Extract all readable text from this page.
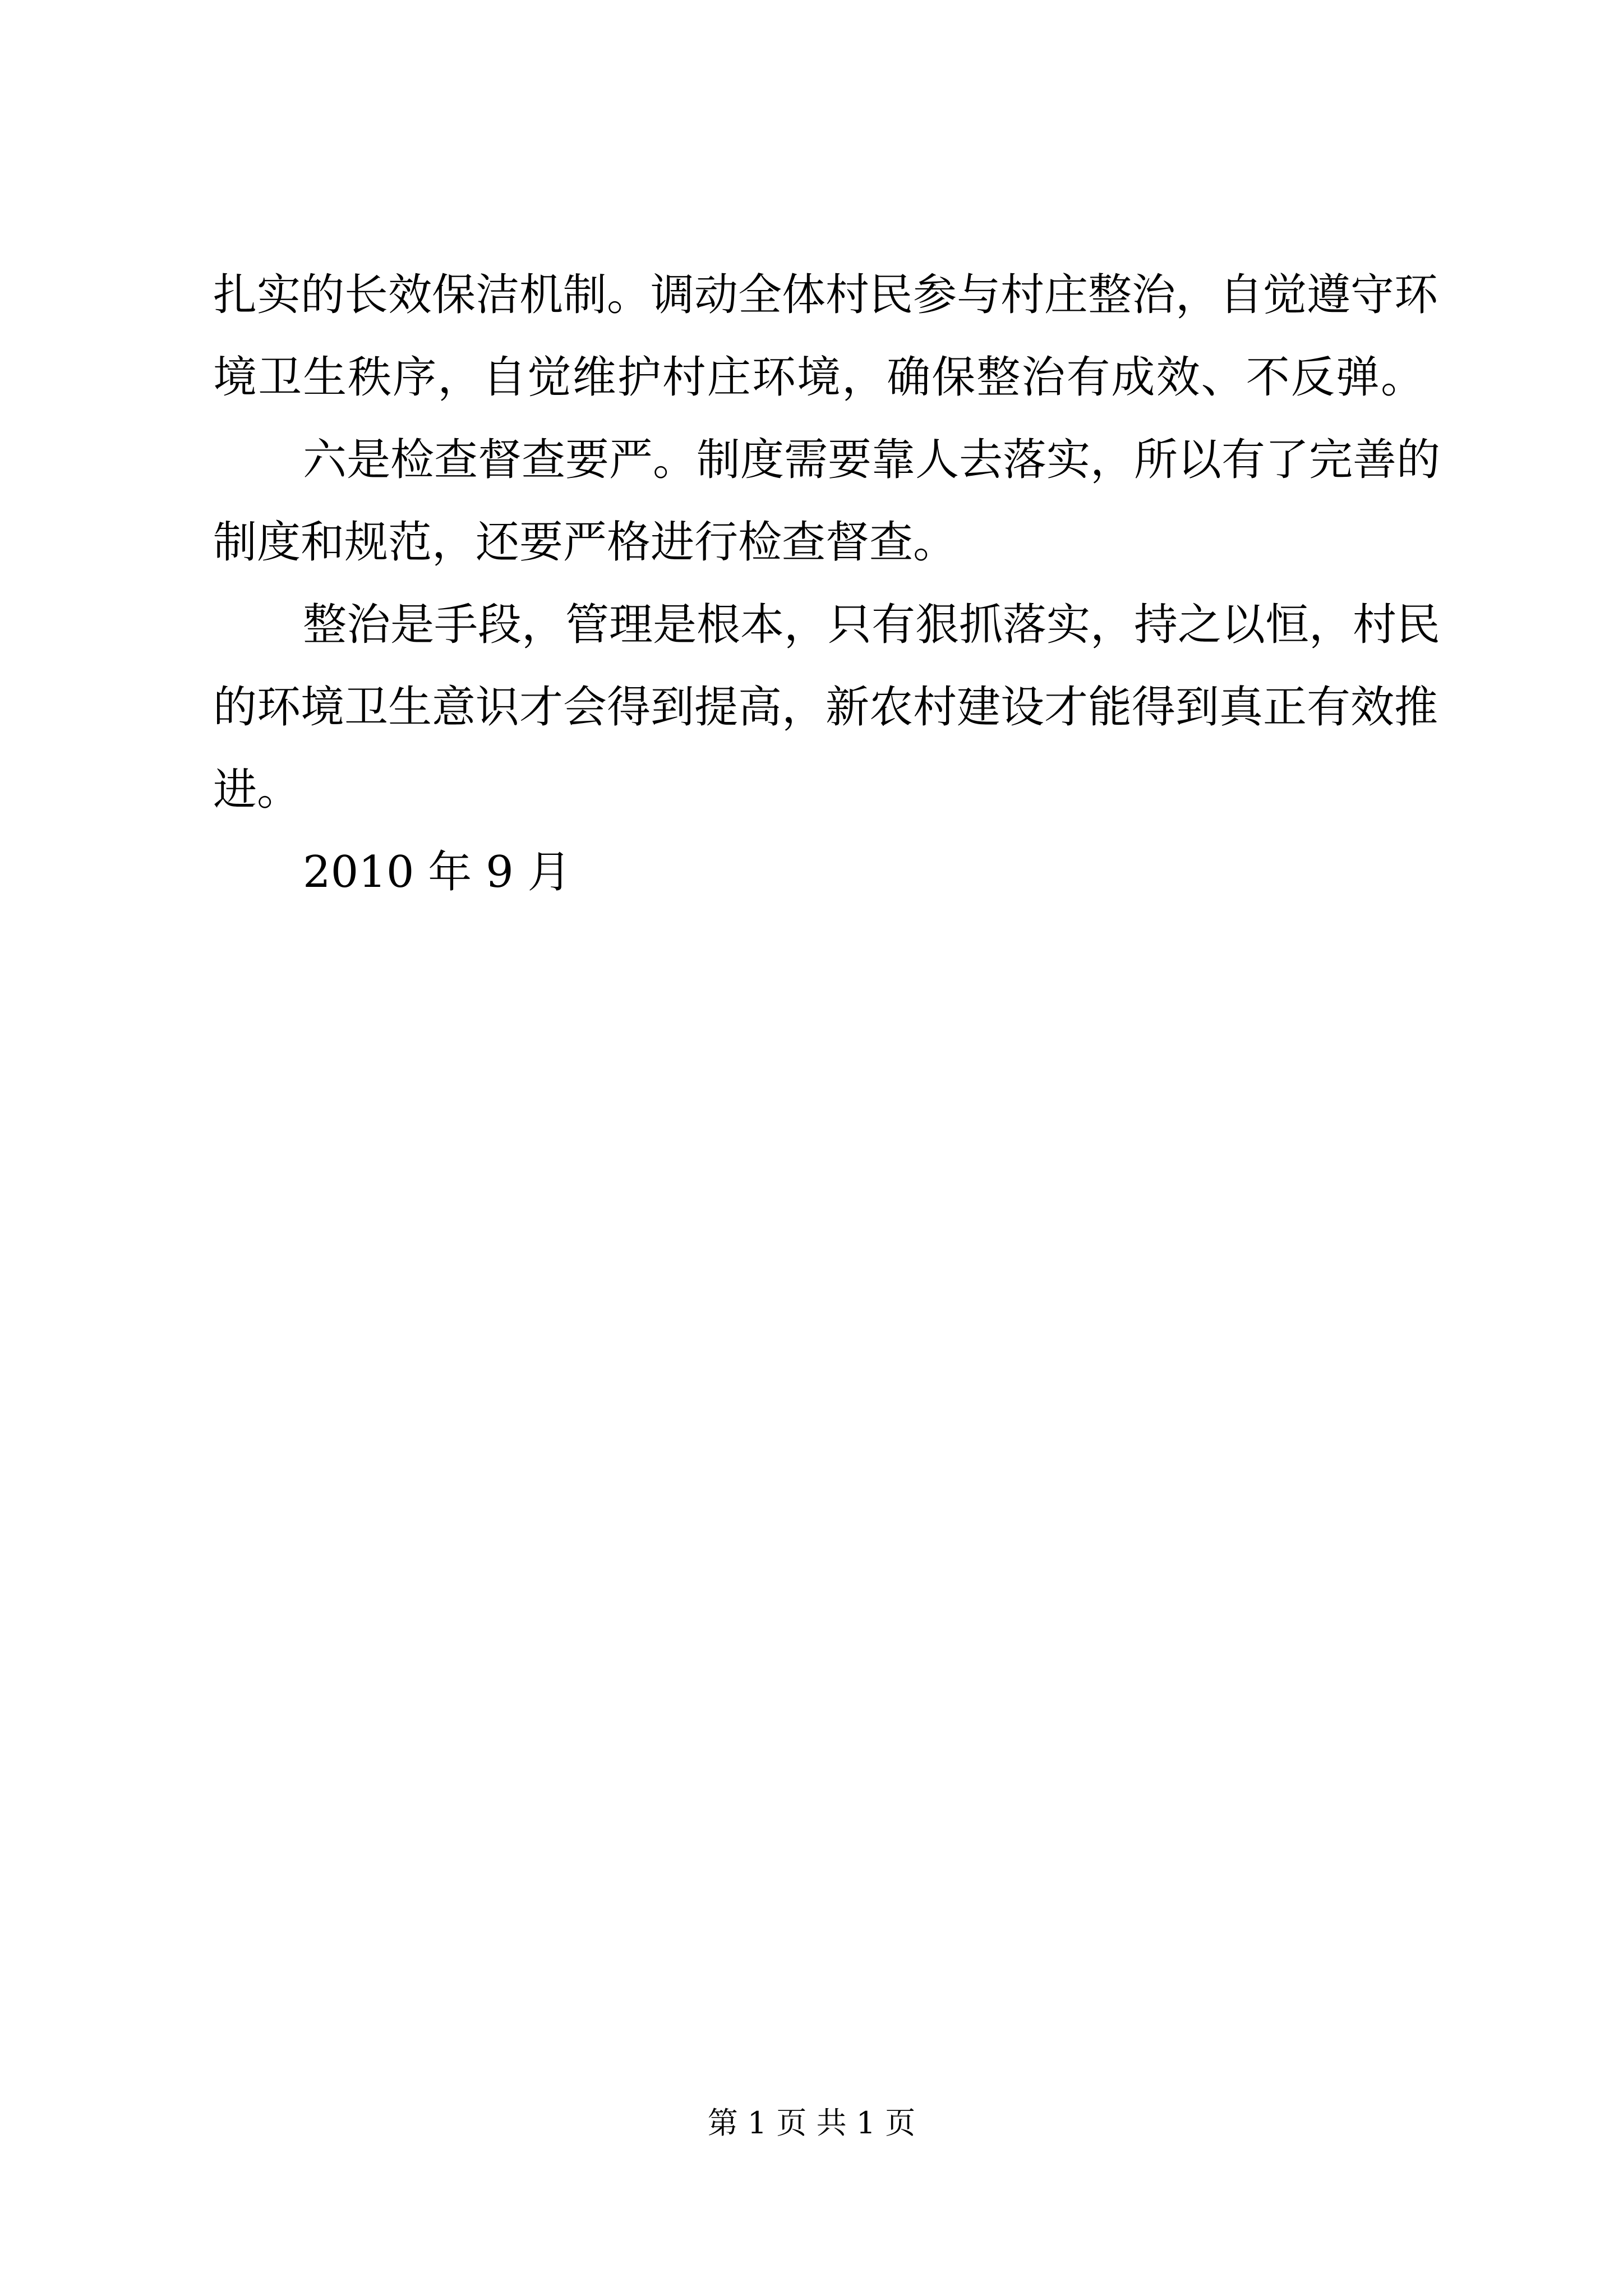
扎实的长效保洁机制。调动全体村民参与村庄整治，自觉遵守环
境卫生秩序，自觉维护村庄环境，确保整治有成效、不反弹。
六是检查督查要严。制度需要靠人去落实，所以有了完善的
制度和规范，还要严格进行检查督查。
整治是手段，管理是根本，只有狠抓落实，持之以恒，村民
的环境卫生意识才会得到提高，新农村建设才能得到真正有效推
进。
2010 年 9 月
第 1 页 共 1 页
